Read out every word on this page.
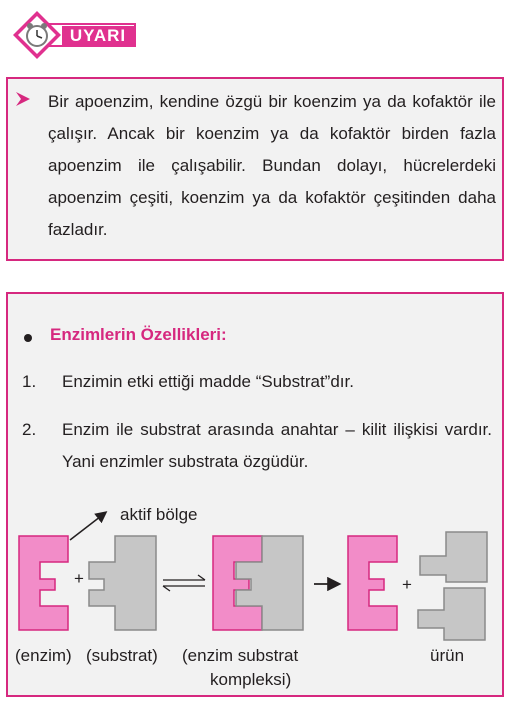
UYARI
Bir apoenzim, kendine özgü bir koenzim ya da kofaktör ile çalışır. Ancak bir koenzim ya da kofaktör birden fazla apoenzim ile çalışabilir. Bundan dolayı, hücrelerdeki apoenzim çeşiti, koenzim ya da kofaktör çeşitinden daha fazladır.
Enzimlerin Özellikleri:
1. Enzimin etki ettiği madde “Substrat”dır.
2. Enzim ile substrat arasında anahtar – kilit ilişkisi vardır. Yani enzimler substrata özgüdür.
aktif bölge
+	+
(enzim) (substrat) (enzim substrat
kompleksi)
ürün
